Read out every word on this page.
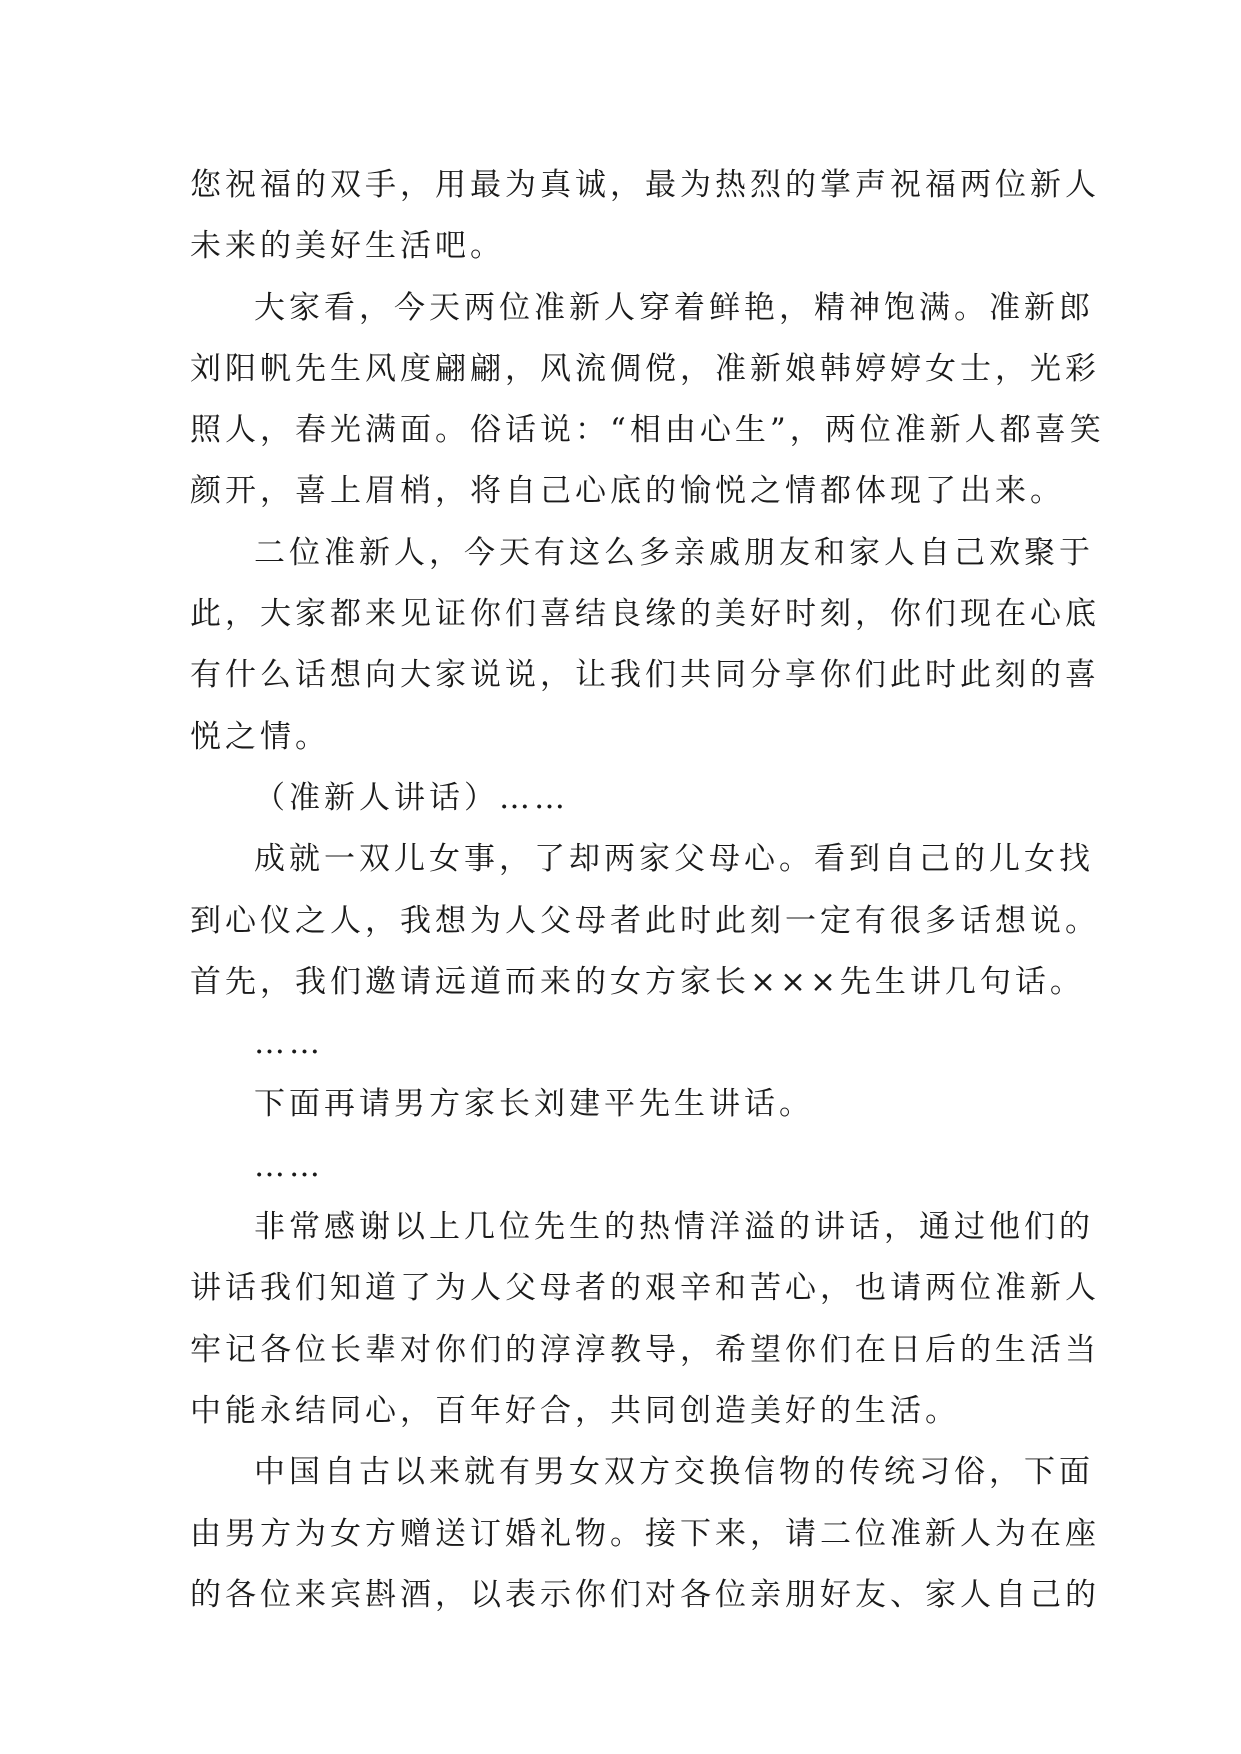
您祝福的双手，用最为真诚，最为热烈的掌声祝福两位新人
未来的美好生活吧。
大家看，今天两位准新人穿着鲜艳，精神饱满。准新郎
刘阳帆先生风度翩翩，风流倜傥，准新娘韩婷婷女士，光彩
照人，春光满面。俗话说：“相由心生”，两位准新人都喜笑
颜开，喜上眉梢，将自己心底的愉悦之情都体现了出来。
二位准新人，今天有这么多亲戚朋友和家人自己欢聚于
此，大家都来见证你们喜结良缘的美好时刻，你们现在心底
有什么话想向大家说说，让我们共同分享你们此时此刻的喜
悦之情。
（准新人讲话）……
成就一双儿女事，了却两家父母心。看到自己的儿女找
到心仪之人，我想为人父母者此时此刻一定有很多话想说。
首先，我们邀请远道而来的女方家长×××先生讲几句话。
……
下面再请男方家长刘建平先生讲话。
……
非常感谢以上几位先生的热情洋溢的讲话，通过他们的
讲话我们知道了为人父母者的艰辛和苦心，也请两位准新人
牢记各位长辈对你们的淳淳教导，希望你们在日后的生活当
中能永结同心，百年好合，共同创造美好的生活。
中国自古以来就有男女双方交换信物的传统习俗，下面
由男方为女方赠送订婚礼物。接下来，请二位准新人为在座
的各位来宾斟酒，以表示你们对各位亲朋好友、家人自己的
